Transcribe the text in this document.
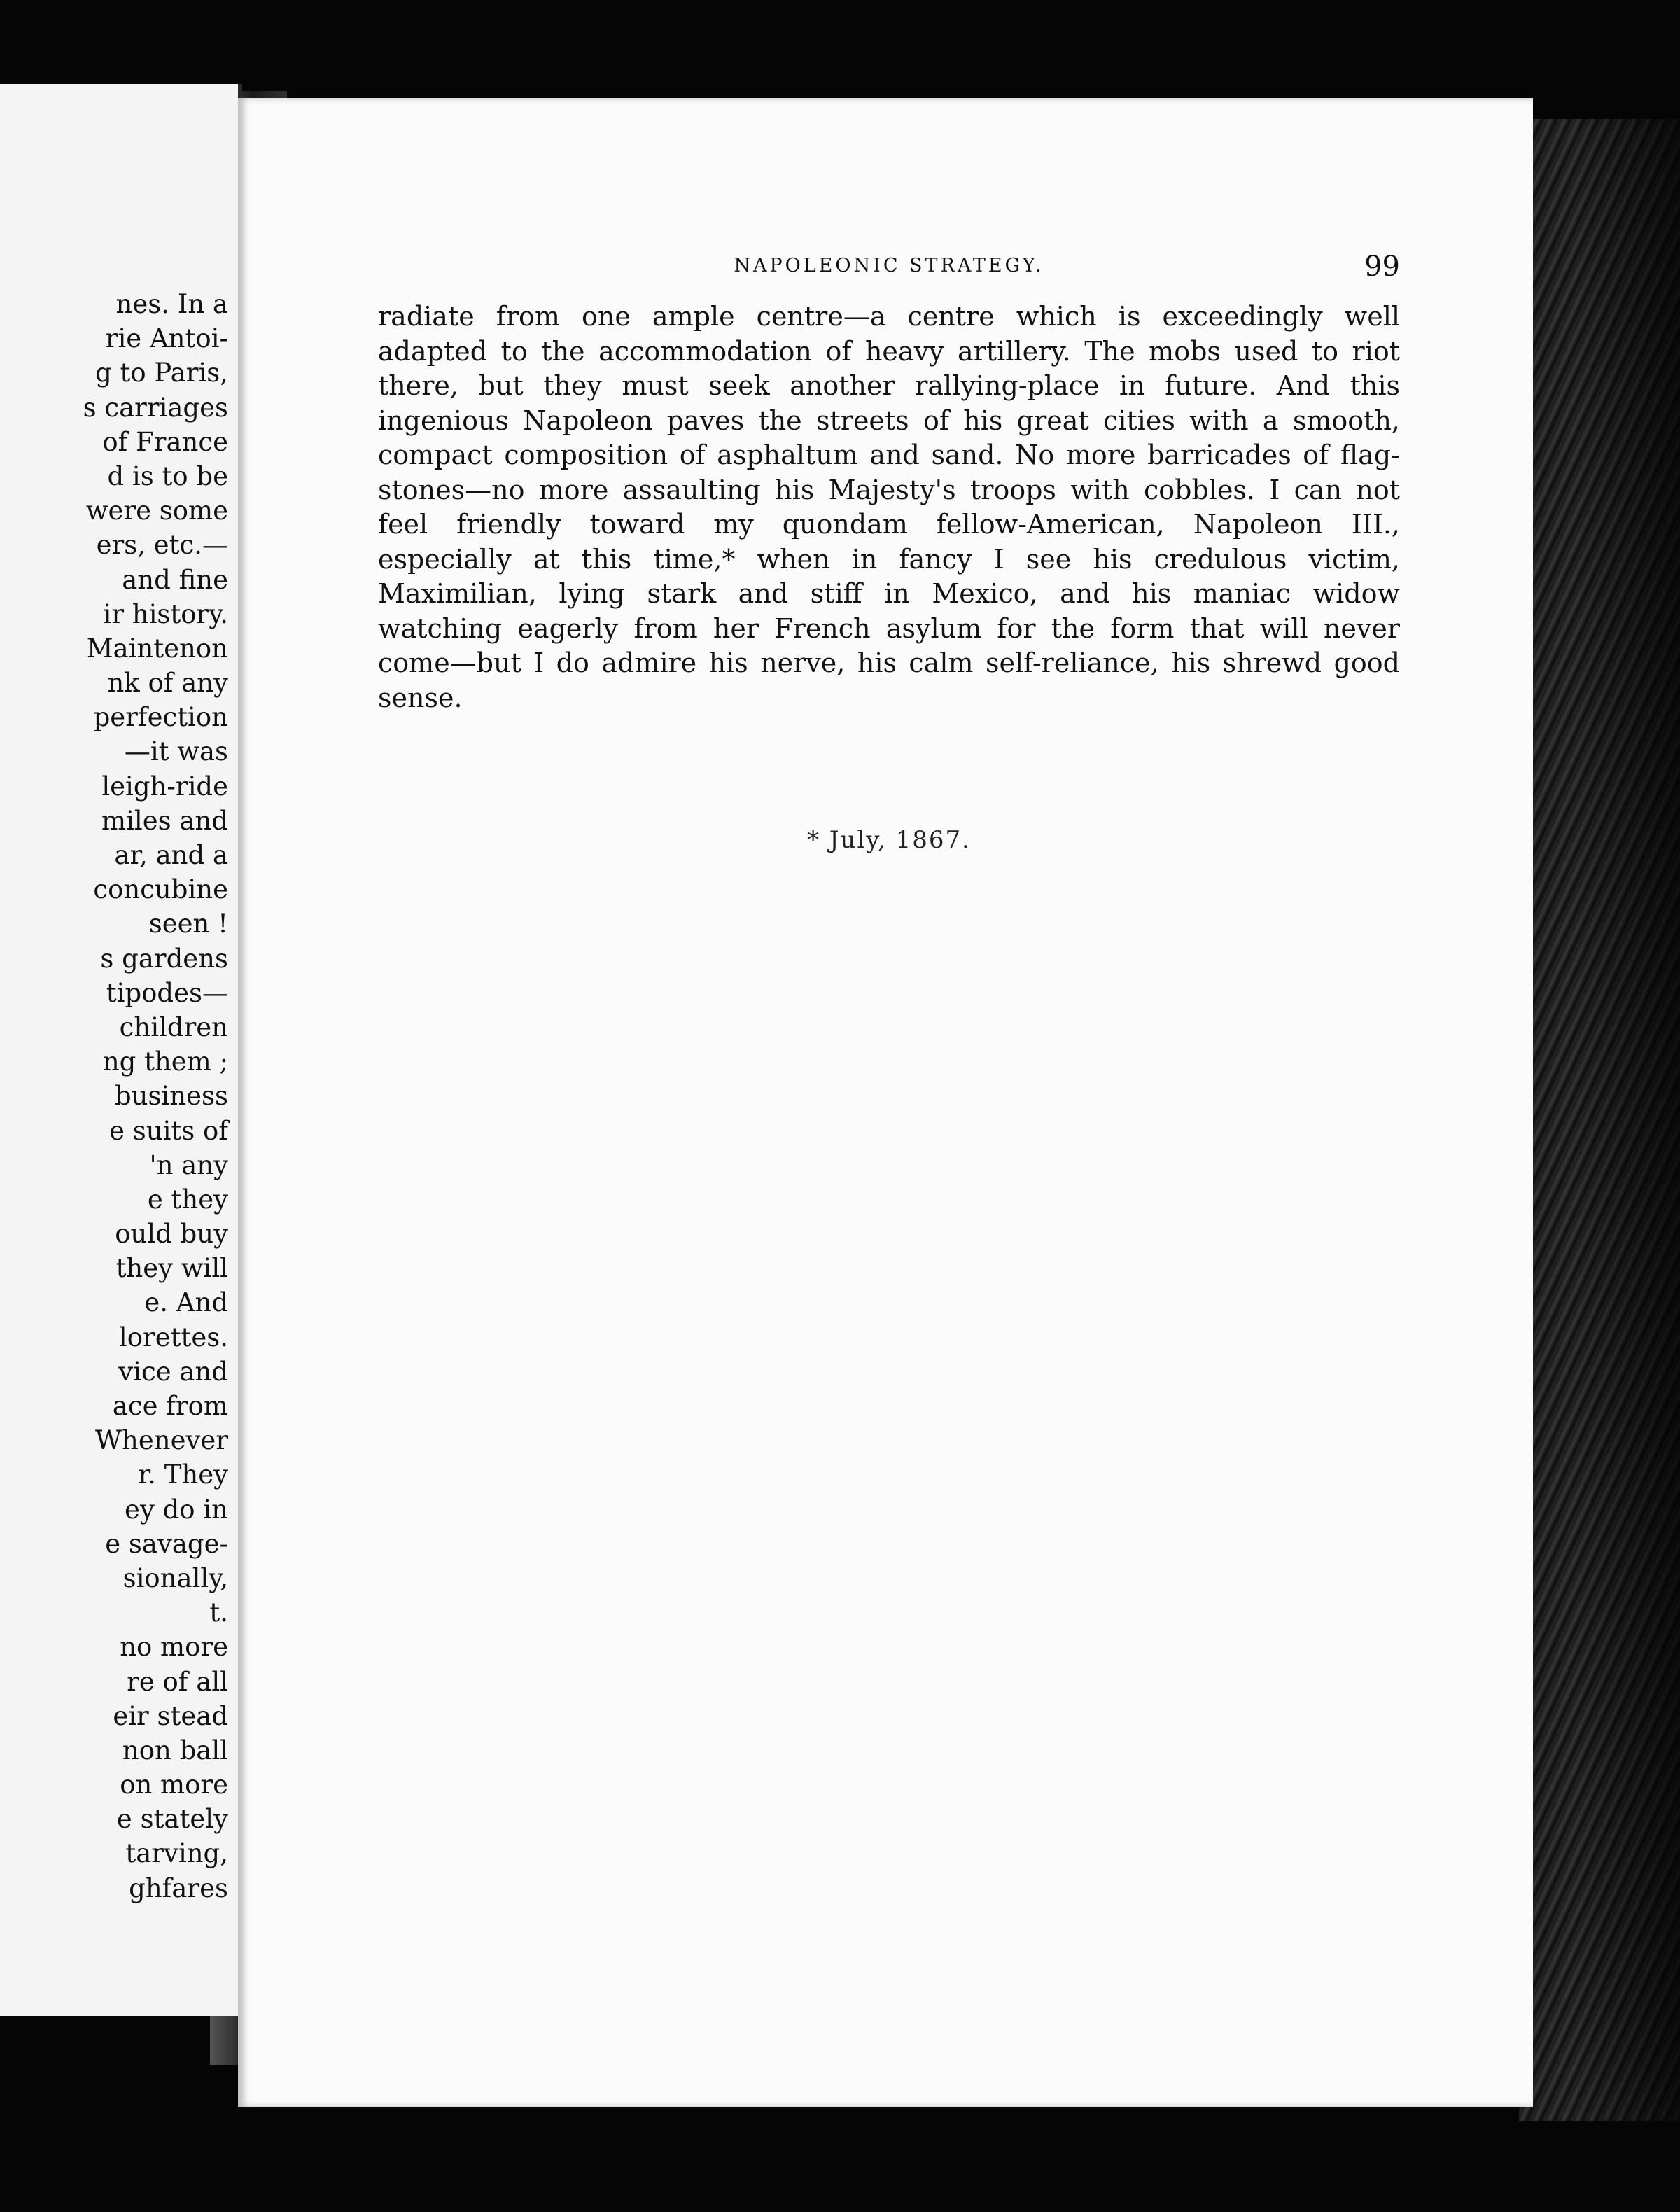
nes. In a
rie Antoi-
g to Paris,
s carriages
of France
d is to be
were some
ers, etc.—
and fine
ir history.
Maintenon
nk of any
perfection
—it was
leigh-ride
miles and
ar, and a
concubine
seen !
s gardens
tipodes—
children
ng them ;
business
e suits of
'n any
e they
ould buy
they will
e. And
lorettes.
vice and
ace from
Whenever
r. They
ey do in
e savage-
sionally,
t.
no more
re of all
eir stead
non ball
on more
e stately
tarving,
ghfares
NAPOLEONIC STRATEGY.	99
radiate from one ample centre—a centre which is exceedingly well
adapted to the accommodation of heavy artillery. The mobs used to riot
there, but they must seek another rallying-place in future. And this
ingenious Napoleon paves the streets of his great cities with a smooth,
compact composition of asphaltum and sand. No more barricades of flag-
stones—no more assaulting his Majesty's troops with cobbles. I can not
feel friendly toward my quondam fellow-American, Napoleon III.,
especially at this time,* when in fancy I see his credulous victim,
Maximilian, lying stark and stiff in Mexico, and his maniac widow
watching eagerly from her French asylum for the form that will never
come—but I do admire his nerve, his calm self-reliance, his shrewd good
sense.
* July, 1867.
